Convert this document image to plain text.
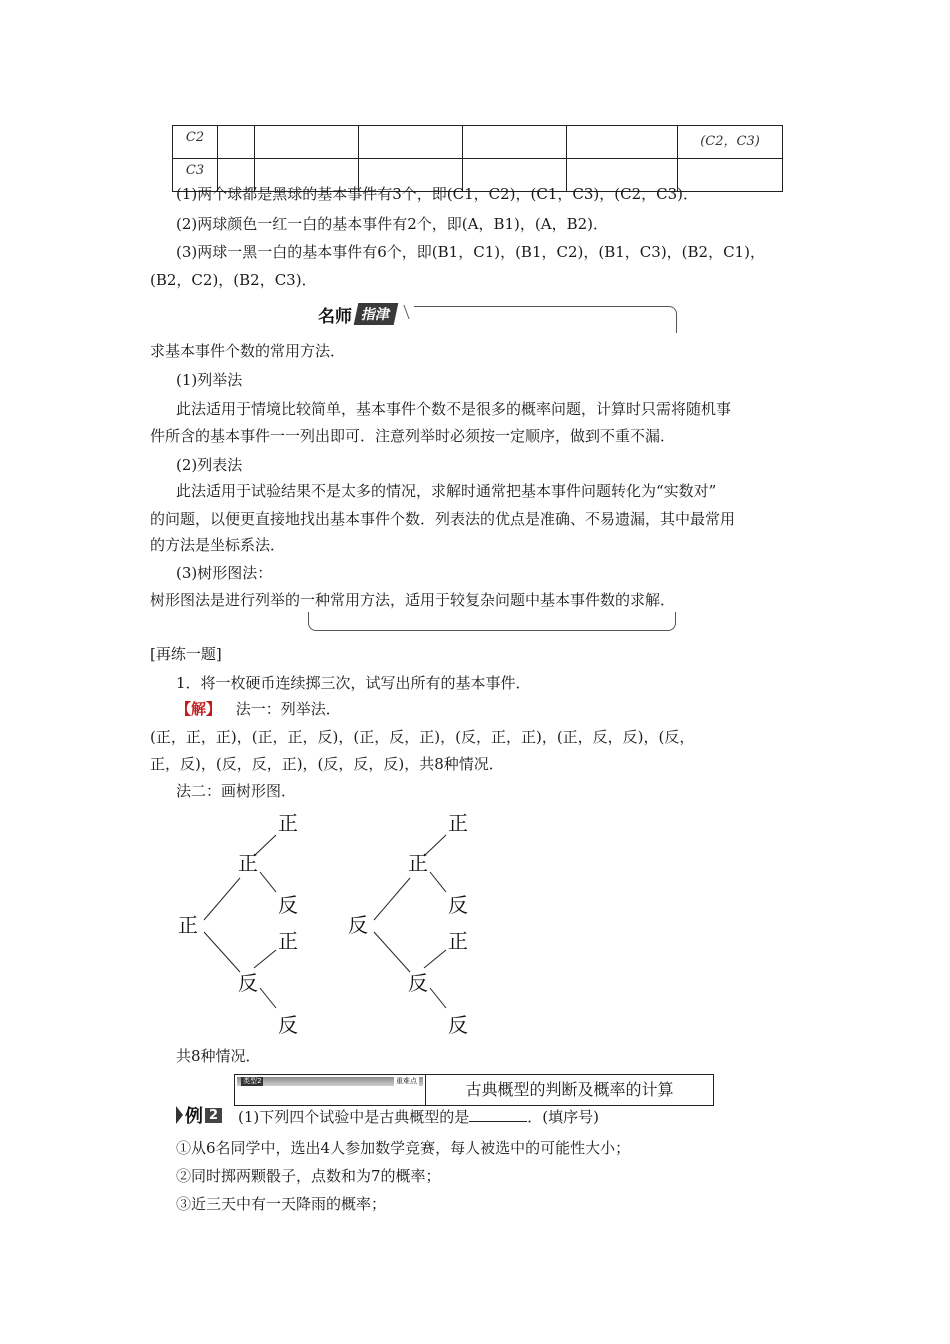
C2						(C2，C3)
C3						
(1)两个球都是黑球的基本事件有3个，即(C1，C2)，(C1，C3)，(C2，C3)．
(2)两球颜色一红一白的基本事件有2个，即(A，B1)，(A，B2)．
(3)两球一黑一白的基本事件有6个，即(B1，C1)，(B1，C2)，(B1，C3)，(B2，C1)，
(B2，C2)，(B2，C3)．
名师 指津
求基本事件个数的常用方法．
(1)列举法
此法适用于情境比较简单，基本事件个数不是很多的概率问题，计算时只需将随机事
件所含的基本事件一一列出即可．注意列举时必须按一定顺序，做到不重不漏．
(2)列表法
此法适用于试验结果不是太多的情况，求解时通常把基本事件问题转化为“实数对”
的问题，以便更直接地找出基本事件个数．列表法的优点是准确、不易遗漏，其中最常用
的方法是坐标系法．
(3)树形图法：
树形图法是进行列举的一种常用方法，适用于较复杂问题中基本事件数的求解．
[再练一题]
1．将一枚硬币连续掷三次，试写出所有的基本事件．
【解】 法一：列举法．
(正，正，正)，(正，正，反)，(正，反，正)，(反，正，正)，(正，反，反)，(反，
正，反)，(反，反，正)，(反，反，反)，共8种情况．
法二：画树形图．
正
正
反
正
反
正
反
反
正
反
正
反
正
反
共8种情况．
类型2	重难点	古典概型的判断及概率的计算
例 2 (1)下列四个试验中是古典概型的是	．(填序号)
①从6名同学中，选出4人参加数学竞赛，每人被选中的可能性大小；
②同时掷两颗骰子，点数和为7的概率；
③近三天中有一天降雨的概率；
